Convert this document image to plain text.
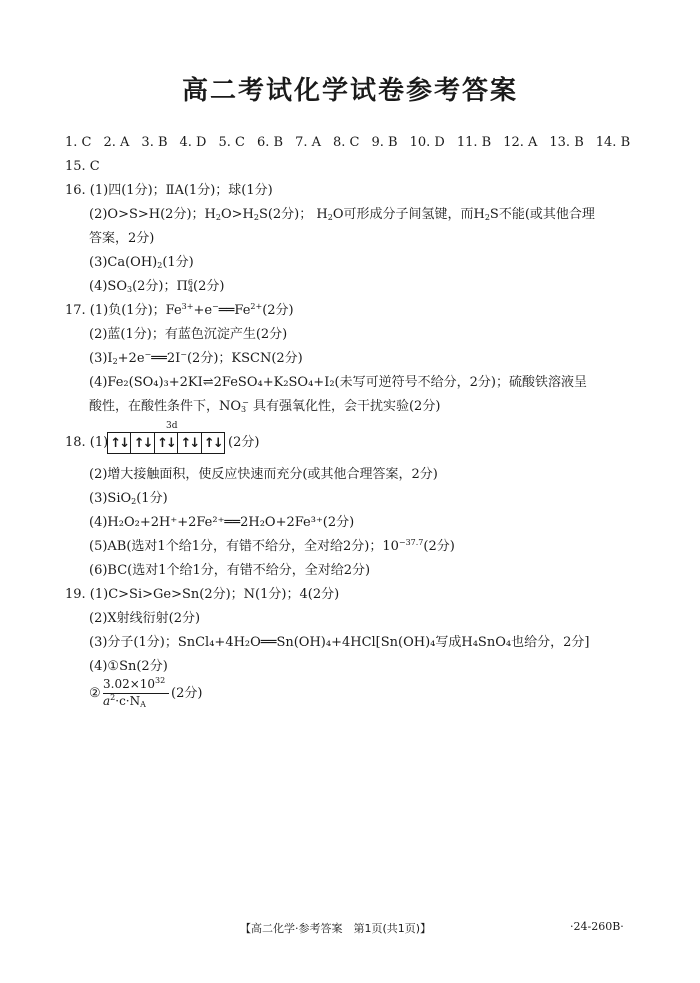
高二考试化学试卷参考答案
1. C 2. A 3. B 4. D 5. C 6. B 7. A 8. C 9. B 10. D 11. B 12. A 13. B 14. B
15. C
16. (1)四(1分)；ⅡA(1分)；球(1分)
(2)O>S>H(2分)；$H_2O>H_2S(2$分)； $H_2O$可形成分子间氢键，而$H_2S$不能(或其他合理
答案，2分)
$(3)Ca(OH)_2(1$分)
$(4)SO_3(2$分)；$\Pi^6_4(2$分)
17. (1)负(1分)；$Fe^{3+}+e^-══Fe^{2+}(2$分)
(2)蓝(1分)；有蓝色沉淀产生(2分)
$(3)I_2+2e^-══2I^-(2$分)；KSCN(2分)
(4)Fe₂(SO₄)₃+2KI⇌2FeSO₄+K₂SO₄+I₂(未写可逆符号不给分，2分)；硫酸铁溶液呈
酸性，在酸性条件下，$NO_3^-$ 具有强氧化性，会干扰实验(2分)
3d
18. (1) ↑↓ ↑↓ ↑↓ ↑↓ ↑↓ (2分)
(2)增大接触面积，使反应快速而充分(或其他合理答案，2分)
(3)SiO$_2$(1分)
(4)H₂O₂+2H⁺+2Fe²⁺══2H₂O+2Fe³⁺(2分)
(5)AB(选对1个给1分，有错不给分，全对给2分)；$10^{-37.7}(2$分)
(6)BC(选对1个给1分，有错不给分，全对给2分)
19. (1)C>Si>Ge>Sn(2分)；N(1分)；4(2分)
(2)X射线衍射(2分)
(3)分子(1分)；SnCl₄+4H₂O══Sn(OH)₄+4HCl[Sn(OH)₄写成H₄SnO₄也给分，2分]
(4)①Sn(2分)
②
$3.02\times 10^{32}$
$a^2\cdot c\cdot N_A$
(2分)
【高二化学·参考答案　第1页(共1页)】	·24-260B·
